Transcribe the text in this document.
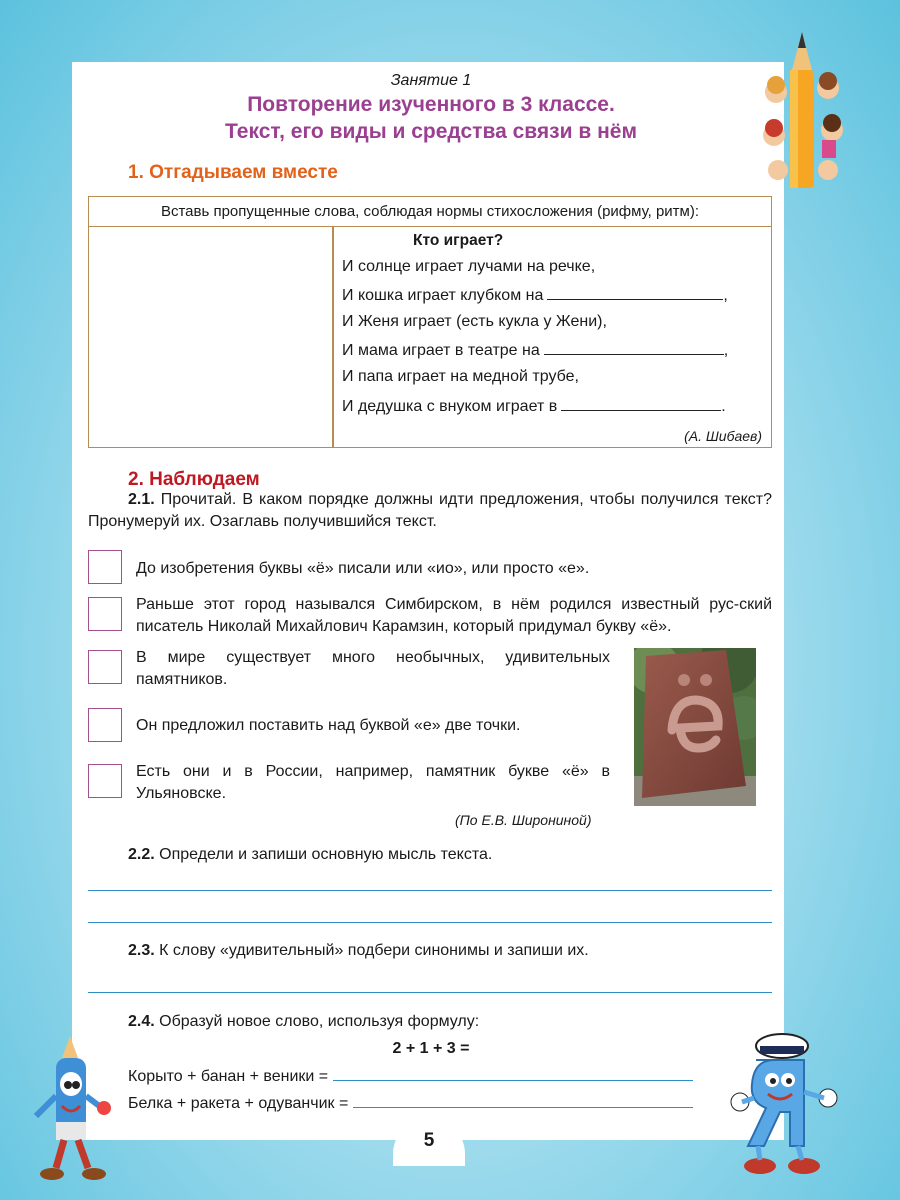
Занятие 1
Повторение изученного в 3 классе.
Текст, его виды и средства связи в нём
1. Отгадываем вместе
Вставь пропущенные слова, соблюдая нормы стихосложения (рифму, ритм):
Кто играет?
И солнце играет лучами на речке,
И кошка играет клубком на	,
И Женя играет (есть кукла у Жени),
И мама играет в театре на	,
И папа играет на медной трубе,
И дедушка с внуком играет в	.
(А. Шибаев)
2. Наблюдаем
2.1. Прочитай. В каком порядке должны идти предложения, чтобы получился текст? Пронумеруй их. Озаглавь получившийся текст.
До изобретения буквы «ё» писали или «ио», или просто «е».
Раньше этот город назывался Симбирском, в нём родился известный рус-ский писатель Николай Михайлович Карамзин, который придумал букву «ё».
В мире существует много необычных, удивительных памятников.
Он предложил поставить над буквой «е» две точки.
Есть они и в России, например, памятник букве «ё» в Ульяновске.
(По Е.В. Широниной)
2.2. Определи и запиши основную мысль текста.
2.3. К слову «удивительный» подбери синонимы и запиши их.
2.4. Образуй новое слово, используя формулу:
2 + 1 + 3 =
Корыто + банан + веники =
Белка + ракета + одуванчик =
5
